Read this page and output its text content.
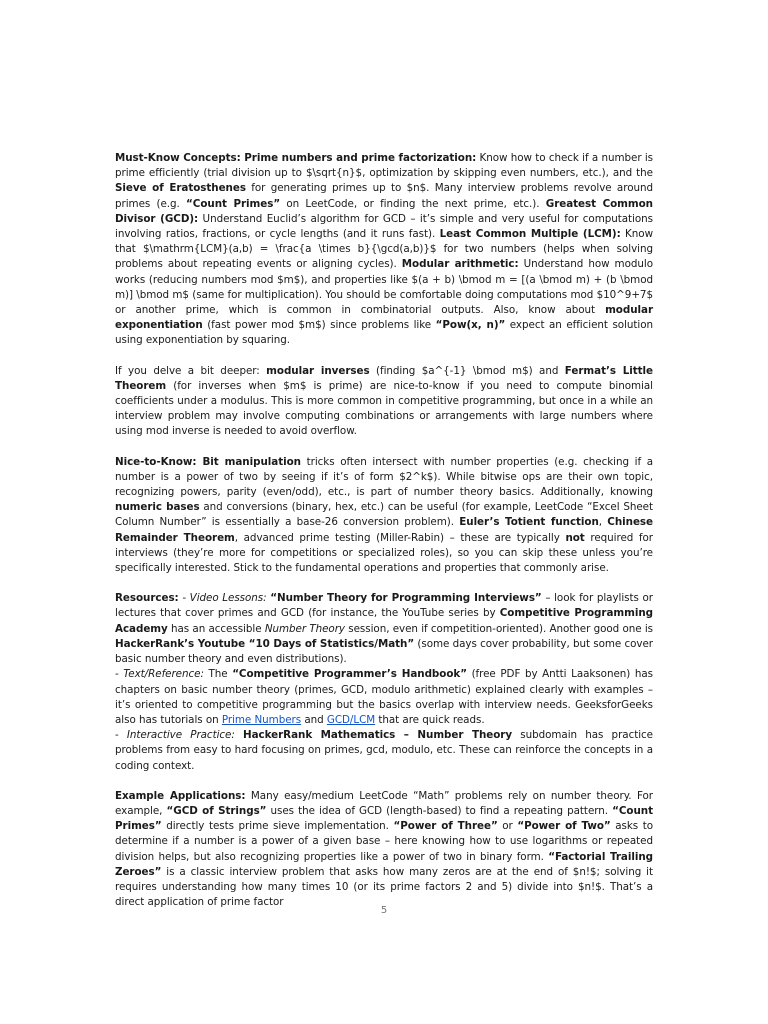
Must-Know Concepts: Prime numbers and prime factorization: Know how to check if a number is prime efficiently (trial division up to $\sqrt{n}$, optimization by skipping even numbers, etc.), and the Sieve of Eratosthenes for generating primes up to $n$. Many interview problems revolve around primes (e.g. “Count Primes” on LeetCode, or finding the next prime, etc.). Greatest Common Divisor (GCD): Understand Euclid’s algorithm for GCD – it’s simple and very useful for computations involving ratios, fractions, or cycle lengths (and it runs fast). Least Common Multiple (LCM): Know that $\mathrm{LCM}(a,b) = \frac{a \times b}{\gcd(a,b)}$ for two numbers (helps when solving problems about repeating events or aligning cycles). Modular arithmetic: Understand how modulo works (reducing numbers mod $m$), and properties like $(a + b) \bmod m = [(a \bmod m) + (b \bmod m)] \bmod m$ (same for multiplication). You should be comfortable doing computations mod $10^9+7$ or another prime, which is common in combinatorial outputs. Also, know about modular exponentiation (fast power mod $m$) since problems like “Pow(x, n)” expect an efficient solution using exponentiation by squaring.

If you delve a bit deeper: modular inverses (finding $a^{-1} \bmod m$) and Fermat’s Little Theorem (for inverses when $m$ is prime) are nice-to-know if you need to compute binomial coefficients under a modulus. This is more common in competitive programming, but once in a while an interview problem may involve computing combinations or arrangements with large numbers where using mod inverse is needed to avoid overflow.

Nice-to-Know: Bit manipulation tricks often intersect with number properties (e.g. checking if a number is a power of two by seeing if it’s of form $2^k$). While bitwise ops are their own topic, recognizing powers, parity (even/odd), etc., is part of number theory basics. Additionally, knowing numeric bases and conversions (binary, hex, etc.) can be useful (for example, LeetCode “Excel Sheet Column Number” is essentially a base-26 conversion problem). Euler’s Totient function, Chinese Remainder Theorem, advanced prime testing (Miller-Rabin) – these are typically not required for interviews (they’re more for competitions or specialized roles), so you can skip these unless you’re specifically interested. Stick to the fundamental operations and properties that commonly arise.

Resources: - Video Lessons: “Number Theory for Programming Interviews” – look for playlists or lectures that cover primes and GCD (for instance, the YouTube series by Competitive Programming Academy has an accessible Number Theory session, even if competition-oriented). Another good one is HackerRank’s Youtube “10 Days of Statistics/Math” (some days cover probability, but some cover basic number theory and even distributions).
- Text/Reference: The “Competitive Programmer’s Handbook” (free PDF by Antti Laaksonen) has chapters on basic number theory (primes, GCD, modulo arithmetic) explained clearly with examples – it’s oriented to competitive programming but the basics overlap with interview needs. GeeksforGeeks also has tutorials on Prime Numbers and GCD/LCM that are quick reads.
- Interactive Practice: HackerRank Mathematics – Number Theory subdomain has practice problems from easy to hard focusing on primes, gcd, modulo, etc. These can reinforce the concepts in a coding context.

Example Applications: Many easy/medium LeetCode “Math” problems rely on number theory. For example, “GCD of Strings” uses the idea of GCD (length-based) to find a repeating pattern. “Count Primes” directly tests prime sieve implementation. “Power of Three” or “Power of Two” asks to determine if a number is a power of a given base – here knowing how to use logarithms or repeated division helps, but also recognizing properties like a power of two in binary form. “Factorial Trailing Zeroes” is a classic interview problem that asks how many zeros are at the end of $n!$; solving it requires understanding how many times 10 (or its prime factors 2 and 5) divide into $n!$. That’s a direct application of prime factor

5
